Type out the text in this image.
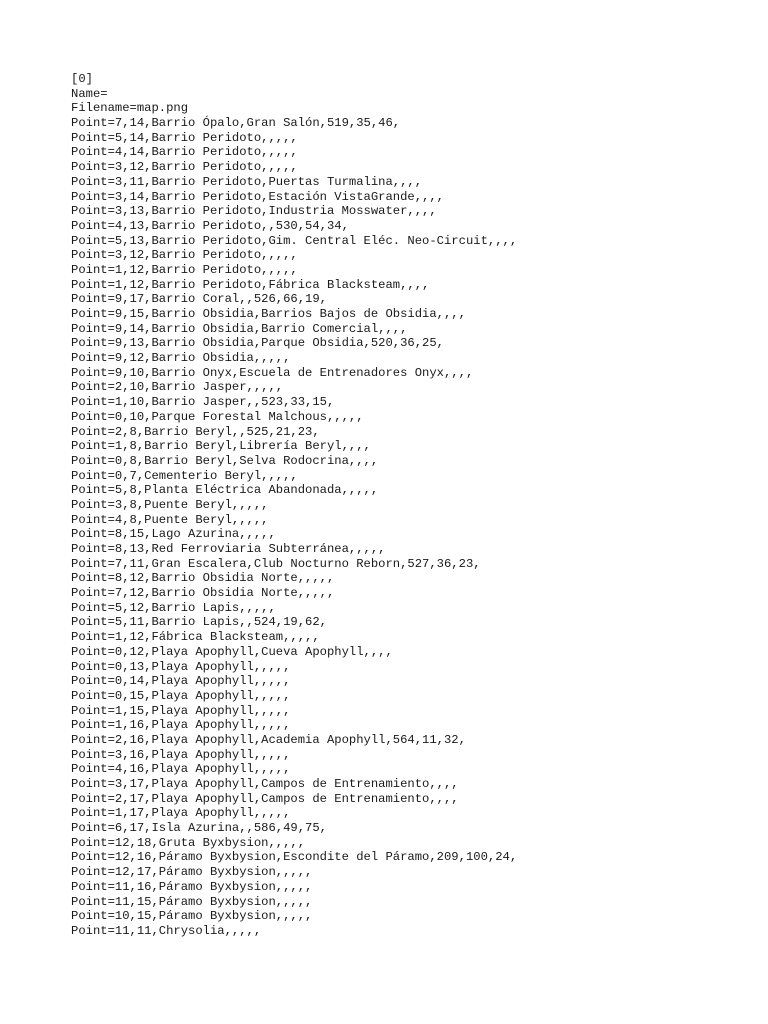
[0]
Name=
Filename=map.png
Point=7,14,Barrio Ópalo,Gran Salón,519,35,46,
Point=5,14,Barrio Peridoto,,,,,
Point=4,14,Barrio Peridoto,,,,,
Point=3,12,Barrio Peridoto,,,,,
Point=3,11,Barrio Peridoto,Puertas Turmalina,,,,
Point=3,14,Barrio Peridoto,Estación VistaGrande,,,,
Point=3,13,Barrio Peridoto,Industria Mosswater,,,,
Point=4,13,Barrio Peridoto,,530,54,34,
Point=5,13,Barrio Peridoto,Gim. Central Eléc. Neo-Circuit,,,,
Point=3,12,Barrio Peridoto,,,,,
Point=1,12,Barrio Peridoto,,,,,
Point=1,12,Barrio Peridoto,Fábrica Blacksteam,,,,
Point=9,17,Barrio Coral,,526,66,19,
Point=9,15,Barrio Obsidia,Barrios Bajos de Obsidia,,,,
Point=9,14,Barrio Obsidia,Barrio Comercial,,,,
Point=9,13,Barrio Obsidia,Parque Obsidia,520,36,25,
Point=9,12,Barrio Obsidia,,,,,
Point=9,10,Barrio Onyx,Escuela de Entrenadores Onyx,,,,
Point=2,10,Barrio Jasper,,,,,
Point=1,10,Barrio Jasper,,523,33,15,
Point=0,10,Parque Forestal Malchous,,,,,
Point=2,8,Barrio Beryl,,525,21,23,
Point=1,8,Barrio Beryl,Librería Beryl,,,,
Point=0,8,Barrio Beryl,Selva Rodocrina,,,,
Point=0,7,Cementerio Beryl,,,,,
Point=5,8,Planta Eléctrica Abandonada,,,,,
Point=3,8,Puente Beryl,,,,,
Point=4,8,Puente Beryl,,,,,
Point=8,15,Lago Azurina,,,,,
Point=8,13,Red Ferroviaria Subterránea,,,,,
Point=7,11,Gran Escalera,Club Nocturno Reborn,527,36,23,
Point=8,12,Barrio Obsidia Norte,,,,,
Point=7,12,Barrio Obsidia Norte,,,,,
Point=5,12,Barrio Lapis,,,,,
Point=5,11,Barrio Lapis,,524,19,62,
Point=1,12,Fábrica Blacksteam,,,,,
Point=0,12,Playa Apophyll,Cueva Apophyll,,,,
Point=0,13,Playa Apophyll,,,,,
Point=0,14,Playa Apophyll,,,,,
Point=0,15,Playa Apophyll,,,,,
Point=1,15,Playa Apophyll,,,,,
Point=1,16,Playa Apophyll,,,,,
Point=2,16,Playa Apophyll,Academia Apophyll,564,11,32,
Point=3,16,Playa Apophyll,,,,,
Point=4,16,Playa Apophyll,,,,,
Point=3,17,Playa Apophyll,Campos de Entrenamiento,,,,
Point=2,17,Playa Apophyll,Campos de Entrenamiento,,,,
Point=1,17,Playa Apophyll,,,,,
Point=6,17,Isla Azurina,,586,49,75,
Point=12,18,Gruta Byxbysion,,,,,
Point=12,16,Páramo Byxbysion,Escondite del Páramo,209,100,24,
Point=12,17,Páramo Byxbysion,,,,,
Point=11,16,Páramo Byxbysion,,,,,
Point=11,15,Páramo Byxbysion,,,,,
Point=10,15,Páramo Byxbysion,,,,,
Point=11,11,Chrysolia,,,,,
